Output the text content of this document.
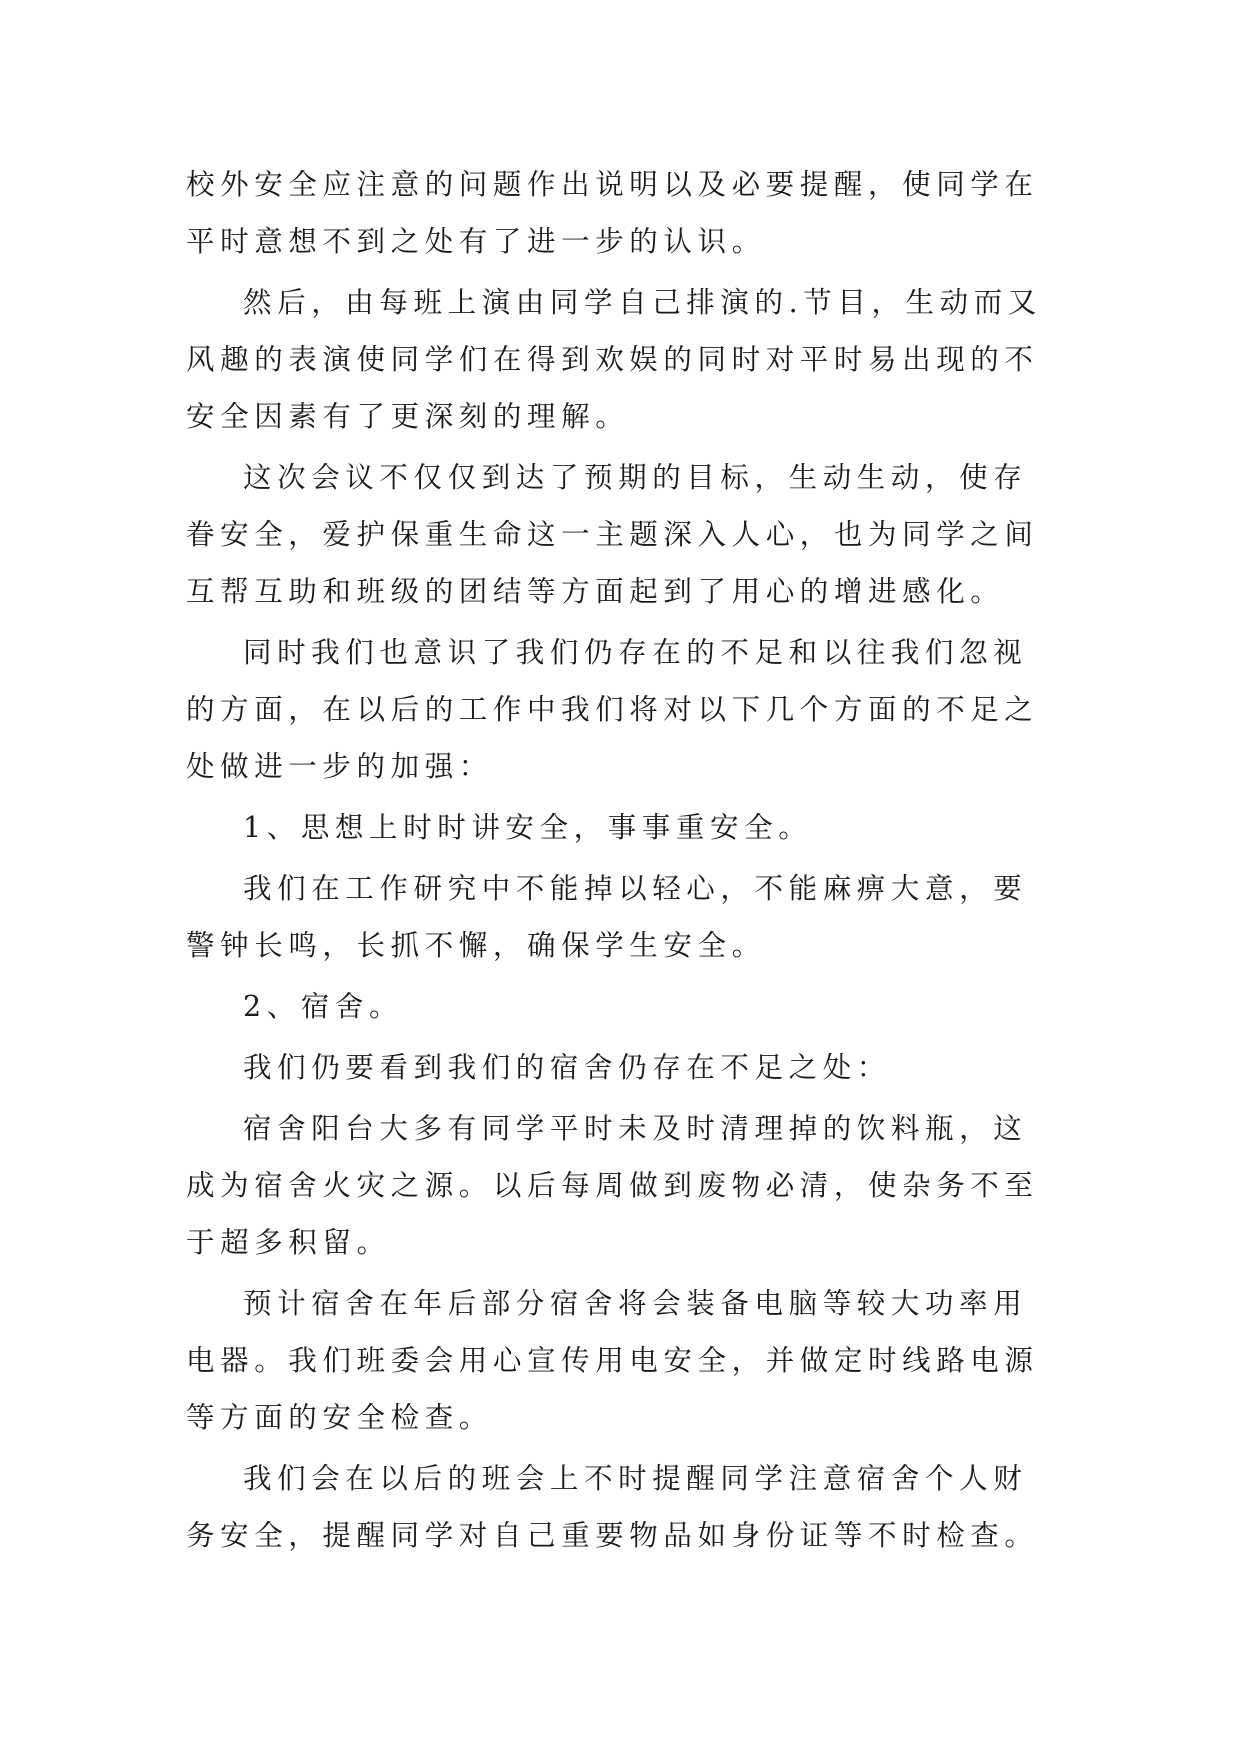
校外安全应注意的问题作出说明以及必要提醒，使同学在平时意想不到之处有了进一步的认识。

然后，由每班上演由同学自己排演的.节目，生动而又风趣的表演使同学们在得到欢娱的同时对平时易出现的不安全因素有了更深刻的理解。

这次会议不仅仅到达了预期的目标，生动生动，使存眷安全，爱护保重生命这一主题深入人心，也为同学之间互帮互助和班级的团结等方面起到了用心的增进感化。

同时我们也意识了我们仍存在的不足和以往我们忽视的方面，在以后的工作中我们将对以下几个方面的不足之处做进一步的加强：

1、思想上时时讲安全，事事重安全。

我们在工作研究中不能掉以轻心，不能麻痹大意，要警钟长鸣，长抓不懈，确保学生安全。

2、宿舍。

我们仍要看到我们的宿舍仍存在不足之处：

宿舍阳台大多有同学平时未及时清理掉的饮料瓶，这成为宿舍火灾之源。以后每周做到废物必清，使杂务不至于超多积留。

预计宿舍在年后部分宿舍将会装备电脑等较大功率用电器。我们班委会用心宣传用电安全，并做定时线路电源等方面的安全检查。

我们会在以后的班会上不时提醒同学注意宿舍个人财务安全，提醒同学对自己重要物品如身份证等不时检查。
